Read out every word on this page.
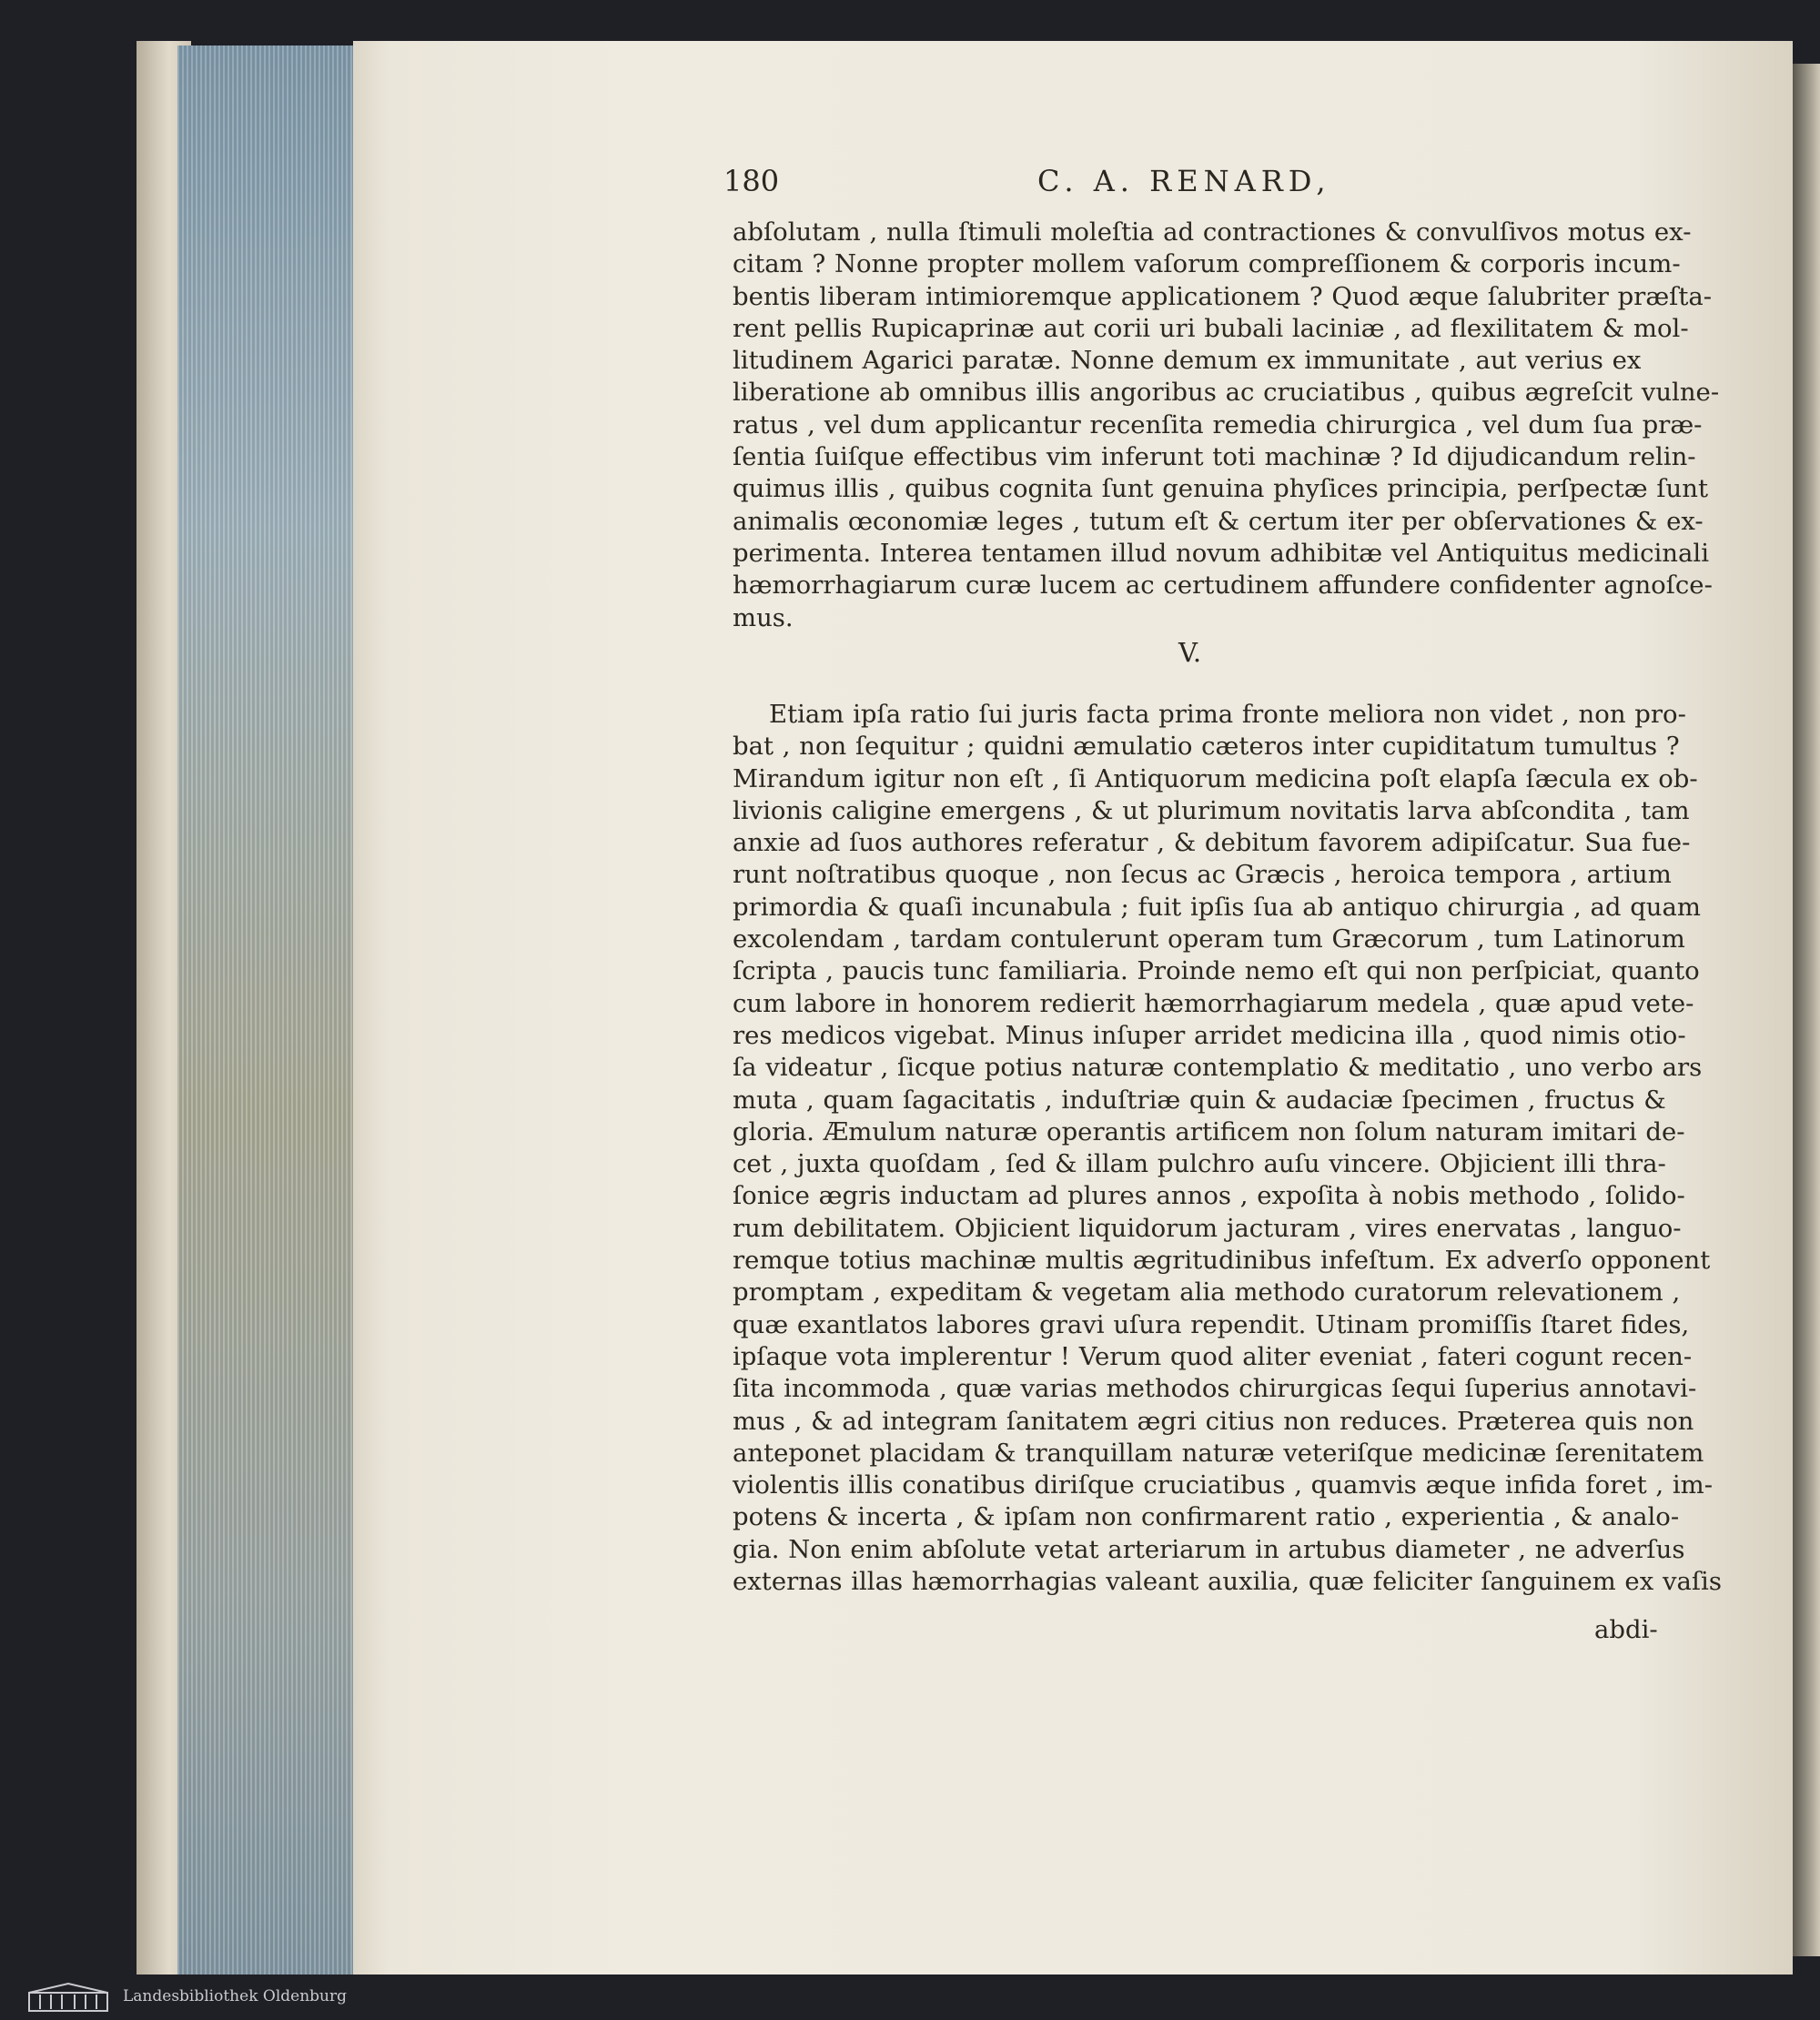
180	C. A. RENARD,
abſolutam , nulla ſtimuli moleſtia ad contractiones & convulſivos motus ex-
citam ? Nonne propter mollem vaſorum compreſſionem & corporis incum-
bentis liberam intimioremque applicationem ? Quod æque ſalubriter præſta-
rent pellis Rupicaprinæ aut corii uri bubali laciniæ , ad flexilitatem & mol-
litudinem Agarici paratæ. Nonne demum ex immunitate , aut verius ex
liberatione ab omnibus illis angoribus ac cruciatibus , quibus ægreſcit vulne-
ratus , vel dum applicantur recenſita remedia chirurgica , vel dum ſua præ-
ſentia ſuiſque effectibus vim inferunt toti machinæ ? Id dijudicandum relin-
quimus illis , quibus cognita ſunt genuina phyſices principia, perſpectæ ſunt
animalis œconomiæ leges , tutum eſt & certum iter per obſervationes & ex-
perimenta. Interea tentamen illud novum adhibitæ vel Antiquitus medicinali
hæmorrhagiarum curæ lucem ac certudinem affundere confidenter agnoſce-
mus.
V.
Etiam ipſa ratio ſui juris facta prima fronte meliora non videt , non pro-
bat , non ſequitur ; quidni æmulatio cæteros inter cupiditatum tumultus ?
Mirandum igitur non eſt , ſi Antiquorum medicina poſt elapſa ſæcula ex ob-
livionis caligine emergens , & ut plurimum novitatis larva abſcondita , tam
anxie ad ſuos authores referatur , & debitum favorem adipiſcatur. Sua fue-
runt noſtratibus quoque , non ſecus ac Græcis , heroica tempora , artium
primordia & quaſi incunabula ; fuit ipſis ſua ab antiquo chirurgia , ad quam
excolendam , tardam contulerunt operam tum Græcorum , tum Latinorum
ſcripta , paucis tunc familiaria. Proinde nemo eſt qui non perſpiciat, quanto
cum labore in honorem redierit hæmorrhagiarum medela , quæ apud vete-
res medicos vigebat. Minus inſuper arridet medicina illa , quod nimis otio-
ſa videatur , ſicque potius naturæ contemplatio & meditatio , uno verbo ars
muta , quam ſagacitatis , induſtriæ quin & audaciæ ſpecimen , fructus &
gloria. Æmulum naturæ operantis artificem non ſolum naturam imitari de-
cet , juxta quoſdam , ſed & illam pulchro auſu vincere. Objicient illi thra-
ſonice ægris inductam ad plures annos , expoſita à nobis methodo , ſolido-
rum debilitatem. Objicient liquidorum jacturam , vires enervatas , languo-
remque totius machinæ multis ægritudinibus infeſtum. Ex adverſo opponent
promptam , expeditam & vegetam alia methodo curatorum relevationem ,
quæ exantlatos labores gravi uſura rependit. Utinam promiſſis ſtaret fides,
ipſaque vota implerentur ! Verum quod aliter eveniat , fateri cogunt recen-
ſita incommoda , quæ varias methodos chirurgicas ſequi ſuperius annotavi-
mus , & ad integram ſanitatem ægri citius non reduces. Præterea quis non
anteponet placidam & tranquillam naturæ veteriſque medicinæ ſerenitatem
violentis illis conatibus diriſque cruciatibus , quamvis æque infida foret , im-
potens & incerta , & ipſam non confirmarent ratio , experientia , & analo-
gia. Non enim abſolute vetat arteriarum in artubus diameter , ne adverſus
externas illas hæmorrhagias valeant auxilia, quæ feliciter ſanguinem ex vaſis
abdi-
Landesbibliothek Oldenburg
